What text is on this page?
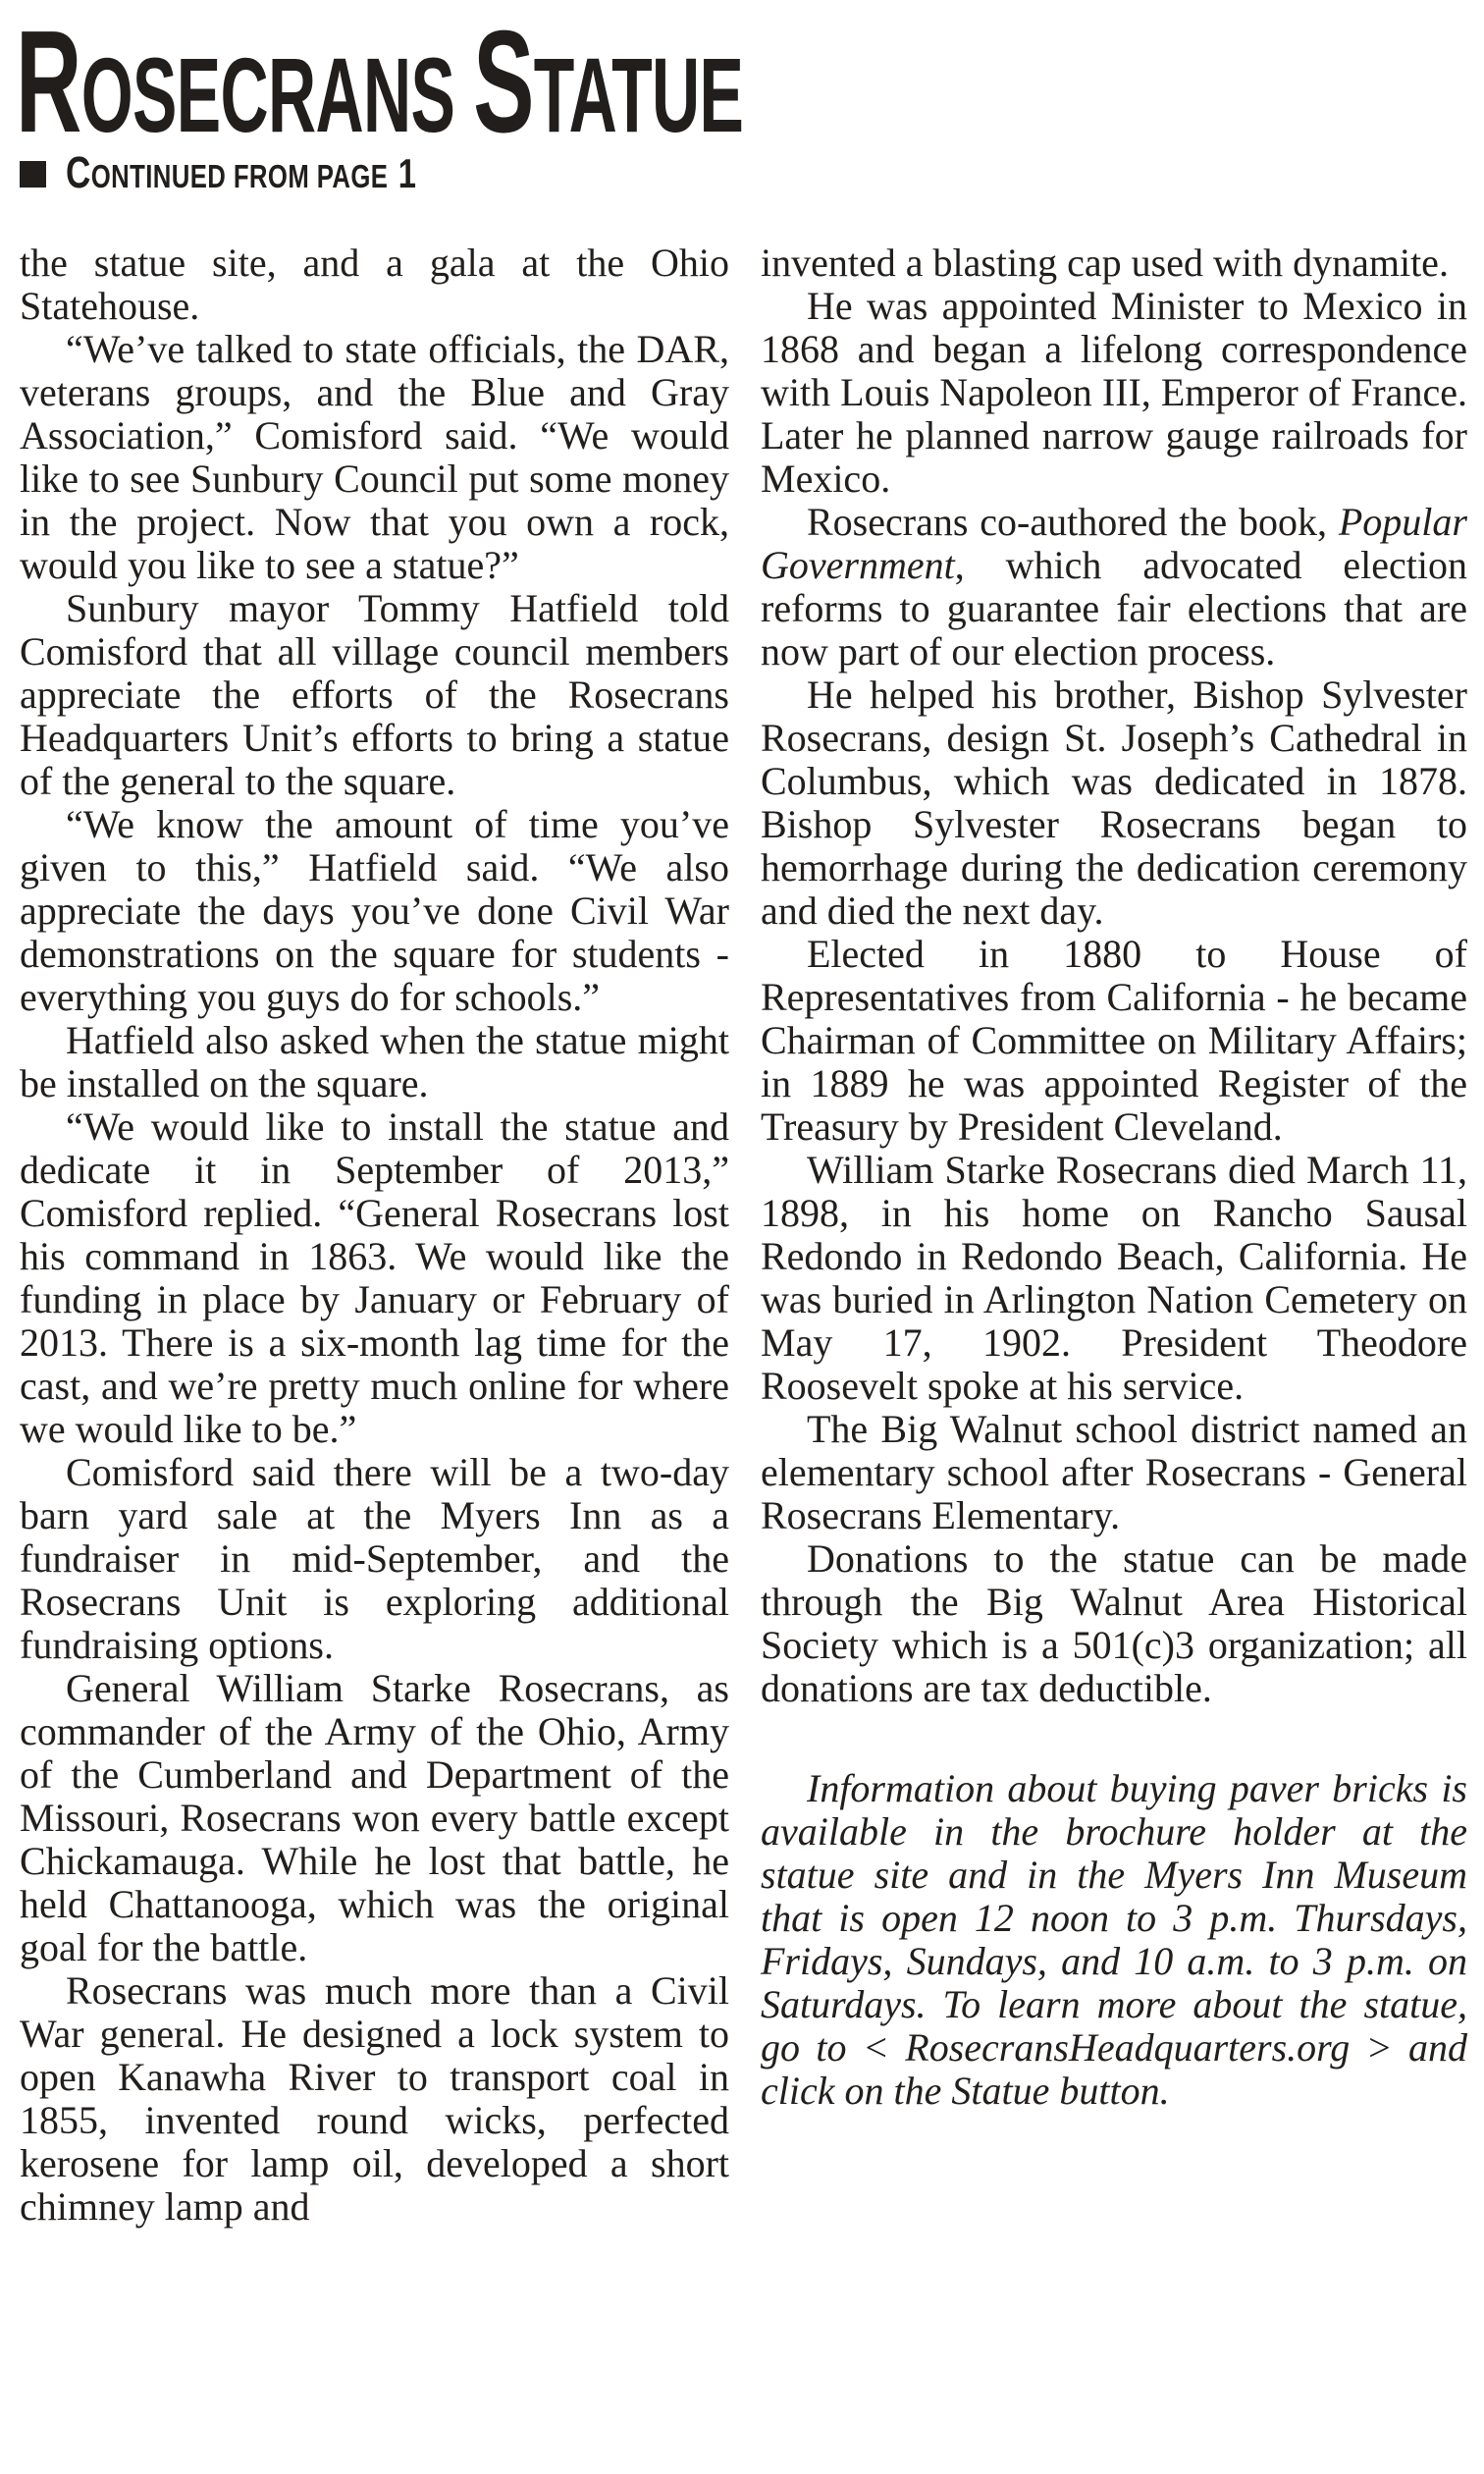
ROSECRANS STATUE
CONTINUED FROM PAGE 1

the statue site, and a gala at the Ohio Statehouse.

“We’ve talked to state officials, the DAR, veterans groups, and the Blue and Gray Association,” Comisford said. “We would like to see Sunbury Council put some money in the project. Now that you own a rock, would you like to see a statue?”

Sunbury mayor Tommy Hatfield told Comisford that all village council members appreciate the efforts of the Rosecrans Headquarters Unit’s efforts to bring a statue of the general to the square.

“We know the amount of time you’ve given to this,” Hatfield said. “We also appreciate the days you’ve done Civil War demonstrations on the square for students - everything you guys do for schools.”

Hatfield also asked when the statue might be installed on the square.

“We would like to install the statue and dedicate it in September of 2013,” Comisford replied. “General Rosecrans lost his command in 1863. We would like the funding in place by January or February of 2013. There is a six-month lag time for the cast, and we’re pretty much online for where we would like to be.”

Comisford said there will be a two-day barn yard sale at the Myers Inn as a fundraiser in mid-September, and the Rosecrans Unit is exploring additional fundraising options.

General William Starke Rosecrans, as commander of the Army of the Ohio, Army of the Cumberland and Department of the Missouri, Rosecrans won every battle except Chickamauga. While he lost that battle, he held Chattanooga, which was the original goal for the battle.

Rosecrans was much more than a Civil War general. He designed a lock system to open Kanawha River to transport coal in 1855, invented round wicks, perfected kerosene for lamp oil, developed a short chimney lamp and

invented a blasting cap used with dynamite.

He was appointed Minister to Mexico in 1868 and began a lifelong correspondence with Louis Napoleon III, Emperor of France. Later he planned narrow gauge railroads for Mexico.

Rosecrans co-authored the book, Popular Government, which advocated election reforms to guarantee fair elections that are now part of our election process.

He helped his brother, Bishop Sylvester Rosecrans, design St. Joseph’s Cathedral in Columbus, which was dedicated in 1878. Bishop Sylvester Rosecrans began to hemorrhage during the dedication ceremony and died the next day.

Elected in 1880 to House of Representatives from California - he became Chairman of Committee on Military Affairs; in 1889 he was appointed Register of the Treasury by President Cleveland.

William Starke Rosecrans died March 11, 1898, in his home on Rancho Sausal Redondo in Redondo Beach, California. He was buried in Arlington Nation Cemetery on May 17, 1902. President Theodore Roosevelt spoke at his service.

The Big Walnut school district named an elementary school after Rosecrans - General Rosecrans Elementary.

Donations to the statue can be made through the Big Walnut Area Historical Society which is a 501(c)3 organization; all donations are tax deductible.

Information about buying paver bricks is available in the brochure holder at the statue site and in the Myers Inn Museum that is open 12 noon to 3 p.m. Thursdays, Fridays, Sundays, and 10 a.m. to 3 p.m. on Saturdays. To learn more about the statue, go to < RosecransHeadquarters.org > and click on the Statue button.
